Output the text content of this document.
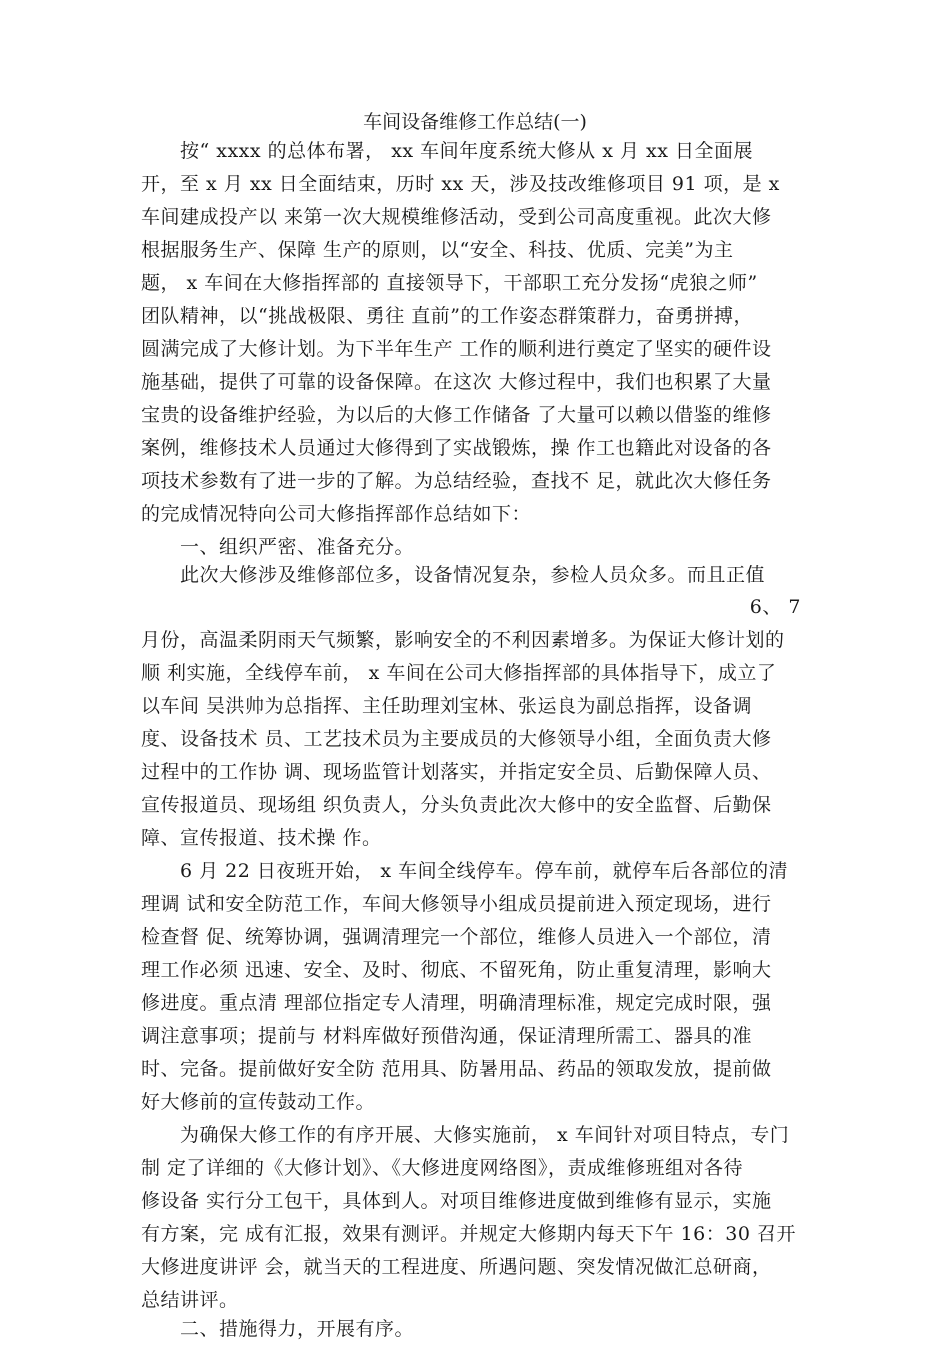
车间设备维修工作总结(一)
按“ xxxx 的总体布署， xx 车间年度系统大修从 x 月 xx 日全面展
开，至 x 月 xx 日全面结束，历时 xx 天，涉及技改维修项目 91 项，是 x
车间建成投产以 来第一次大规模维修活动，受到公司高度重视。此次大修
根据服务生产、保障 生产的原则，以“安全、科技、优质、完美”为主
题， x 车间在大修指挥部的 直接领导下，干部职工充分发扬“虎狼之师”
团队精神，以“挑战极限、勇往 直前”的工作姿态群策群力，奋勇拼搏，
圆满完成了大修计划。为下半年生产 工作的顺利进行奠定了坚实的硬件设
施基础，提供了可靠的设备保障。在这次 大修过程中，我们也积累了大量
宝贵的设备维护经验，为以后的大修工作储备 了大量可以赖以借鉴的维修
案例，维修技术人员通过大修得到了实战锻炼，操 作工也籍此对设备的各
项技术参数有了进一步的了解。为总结经验，查找不 足，就此次大修任务
的完成情况特向公司大修指挥部作总结如下：
一、组织严密、准备充分。
此次大修涉及维修部位多，设备情况复杂，参检人员众多。而且正值
6、 7
月份，高温柔阴雨天气频繁，影响安全的不利因素增多。为保证大修计划的
顺 利实施，全线停车前， x 车间在公司大修指挥部的具体指导下，成立了
以车间 吴洪帅为总指挥、主任助理刘宝林、张运良为副总指挥，设备调
度、设备技术 员、工艺技术员为主要成员的大修领导小组，全面负责大修
过程中的工作协 调、现场监管计划落实，并指定安全员、后勤保障人员、
宣传报道员、现场组 织负责人，分头负责此次大修中的安全监督、后勤保
障、宣传报道、技术操 作。
6 月 22 日夜班开始， x 车间全线停车。停车前，就停车后各部位的清
理调 试和安全防范工作，车间大修领导小组成员提前进入预定现场，进行
检查督 促、统筹协调，强调清理完一个部位，维修人员进入一个部位，清
理工作必须 迅速、安全、及时、彻底、不留死角，防止重复清理，影响大
修进度。重点清 理部位指定专人清理，明确清理标准，规定完成时限，强
调注意事项；提前与 材料库做好预借沟通，保证清理所需工、器具的准
时、完备。提前做好安全防 范用具、防暑用品、药品的领取发放，提前做
好大修前的宣传鼓动工作。
为确保大修工作的有序开展、大修实施前， x 车间针对项目特点，专门
制 定了详细的《大修计划》、《大修进度网络图》，责成维修班组对各待
修设备 实行分工包干，具体到人。对项目维修进度做到维修有显示，实施
有方案，完 成有汇报，效果有测评。并规定大修期内每天下午 16：30 召开
大修进度讲评 会，就当天的工程进度、所遇问题、突发情况做汇总研商，
总结讲评。
二、措施得力，开展有序。
